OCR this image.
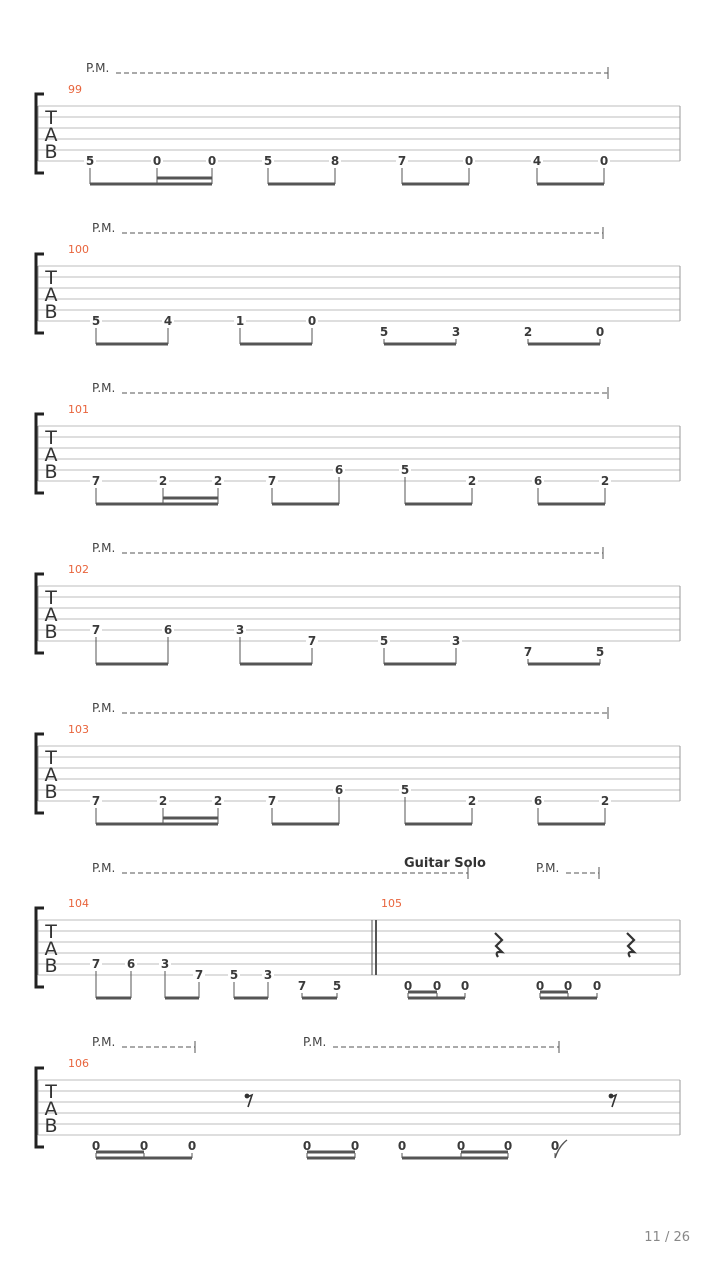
T
A
B
P.M.
99
5	0	0	5	8	7	0	4	0
T
A
B
P.M.
100
5	4	1	0
5	3	2	0
T
A
B
P.M.
101
7	2	2	7
6	5
2	6	2
T
A
B
P.M.
102
7	6	3
7	5	3
7	5
T
A
B
P.M.
103
7	2	2	7
6	5
2	6	2
T
A
B
P.M.	P.M.
104
7 6 3
7 5 3
7 5
105
0 0 0	0 0 0
Guitar Solo
T
A
B
P.M.	P.M.
106
0	0	0	0	0	0	0	0	0
11 / 26
